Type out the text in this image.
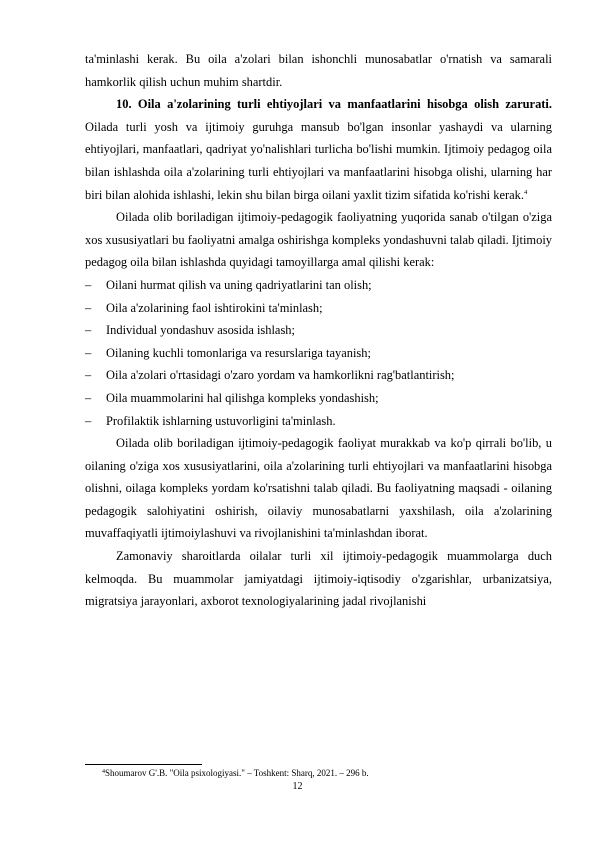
ta'minlashi kerak. Bu oila a'zolari bilan ishonchli munosabatlar o'rnatish va samarali hamkorlik qilish uchun muhim shartdir.

10. Oila a'zolarining turli ehtiyojlari va manfaatlarini hisobga olish zarurati. Oilada turli yosh va ijtimoiy guruhga mansub bo'lgan insonlar yashaydi va ularning ehtiyojlari, manfaatlari, qadriyat yo'nalishlari turlicha bo'lishi mumkin. Ijtimoiy pedagog oila bilan ishlashda oila a'zolarining turli ehtiyojlari va manfaatlarini hisobga olishi, ularning har biri bilan alohida ishlashi, lekin shu bilan birga oilani yaxlit tizim sifatida ko'rishi kerak.$^4$

Oilada olib boriladigan ijtimoiy-pedagogik faoliyatning yuqorida sanab o'tilgan o'ziga xos xususiyatlari bu faoliyatni amalga oshirishga kompleks yondashuvni talab qiladi. Ijtimoiy pedagog oila bilan ishlashda quyidagi tamoyillarga amal qilishi kerak:

– Oilani hurmat qilish va uning qadriyatlarini tan olish;
– Oila a'zolarining faol ishtirokini ta'minlash;
– Individual yondashuv asosida ishlash;
– Oilaning kuchli tomonlariga va resurslariga tayanish;
– Oila a'zolari o'rtasidagi o'zaro yordam va hamkorlikni rag'batlantirish;
– Oila muammolarini hal qilishga kompleks yondashish;
– Profilaktik ishlarning ustuvorligini ta'minlash.

Oilada olib boriladigan ijtimoiy-pedagogik faoliyat murakkab va ko'p qirrali bo'lib, u oilaning o'ziga xos xususiyatlarini, oila a'zolarining turli ehtiyojlari va manfaatlarini hisobga olishni, oilaga kompleks yordam ko'rsatishni talab qiladi. Bu faoliyatning maqsadi - oilaning pedagogik salohiyatini oshirish, oilaviy munosabatlarni yaxshilash, oila a'zolarining muvaffaqiyatli ijtimoiylashuvi va rivojlanishini ta'minlashdan iborat.

Zamonaviy sharoitlarda oilalar turli xil ijtimoiy-pedagogik muammolarga duch kelmoqda. Bu muammolar jamiyatdagi ijtimoiy-iqtisodiy o'zgarishlar, urbanizatsiya, migratsiya jarayonlari, axborot texnologiyalarining jadal rivojlanishi

$^4$Shoumarov G'.B. "Oila psixologiyasi." – Toshkent: Sharq, 2021. – 296 b.
12
